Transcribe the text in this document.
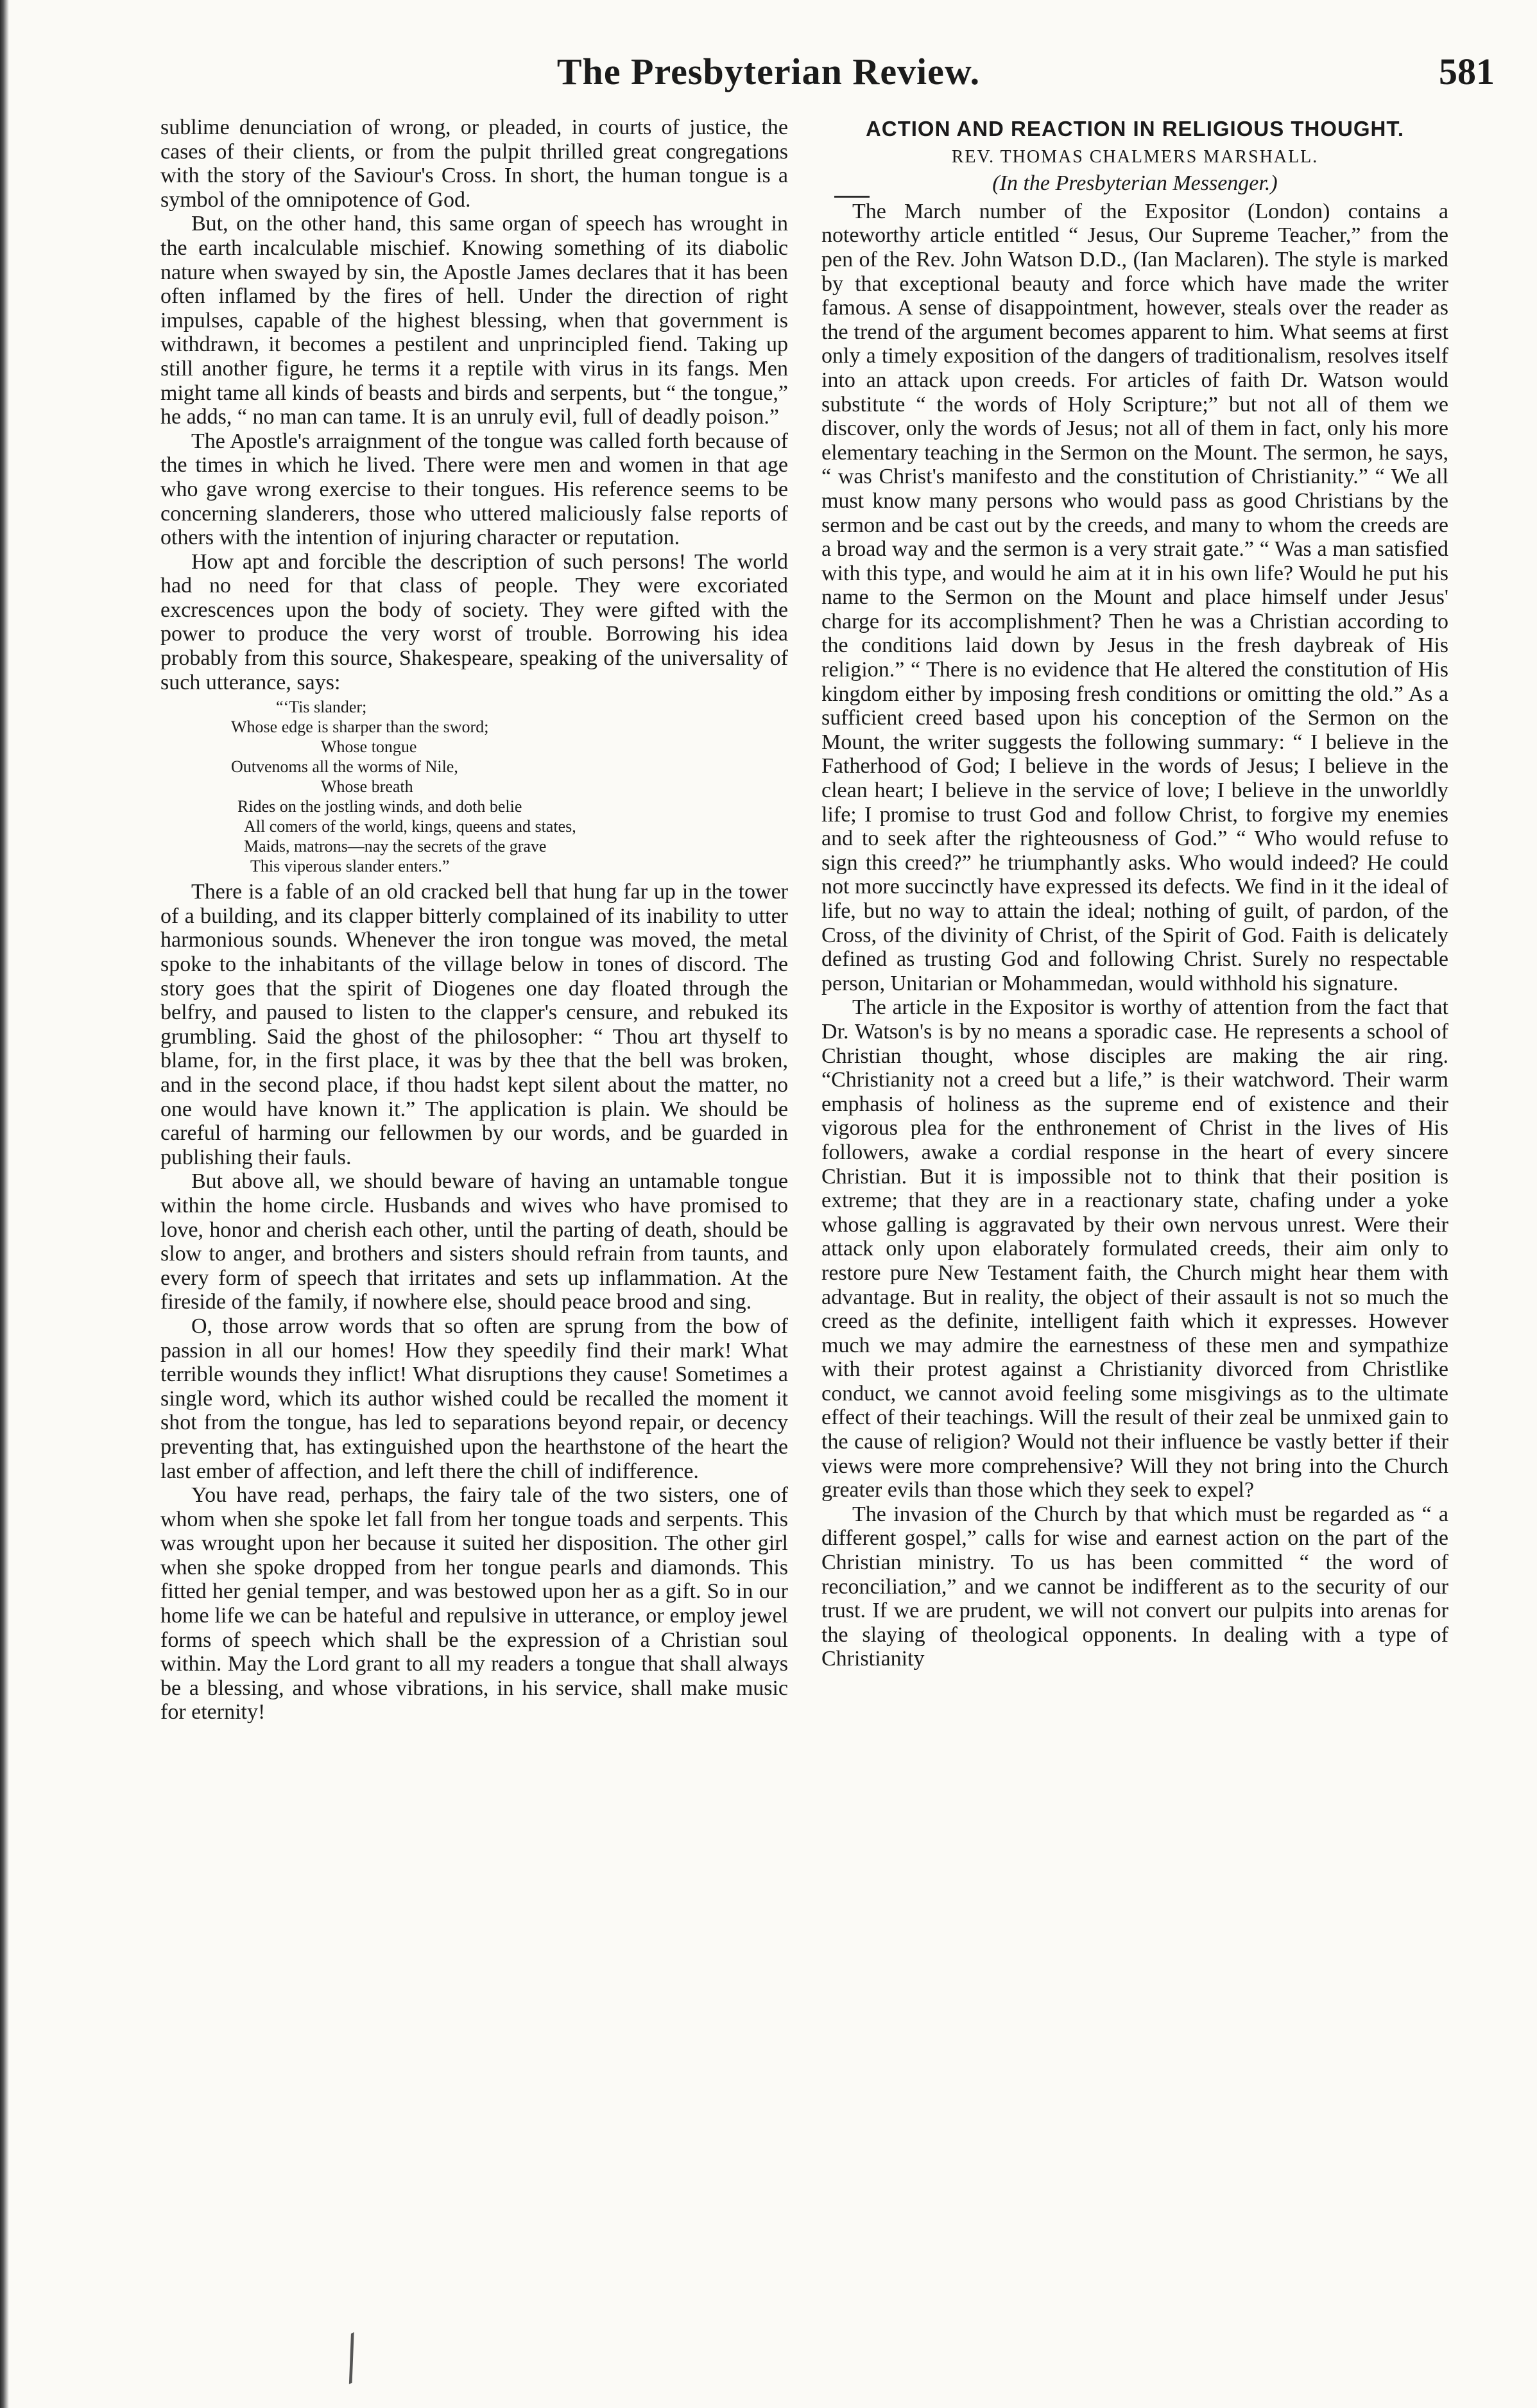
The Presbyterian Review.	581

sublime denunciation of wrong, or pleaded, in courts of justice, the cases of their clients, or from the pulpit thrilled great congregations with the story of the Saviour's Cross. In short, the human tongue is a symbol of the omnipotence of God.

But, on the other hand, this same organ of speech has wrought in the earth incalculable mischief. Knowing something of its diabolic nature when swayed by sin, the Apostle James declares that it has been often inflamed by the fires of hell. Under the direction of right impulses, capable of the highest blessing, when that government is withdrawn, it becomes a pestilent and unprincipled fiend. Taking up still another figure, he terms it a reptile with virus in its fangs. Men might tame all kinds of beasts and birds and serpents, but “ the tongue,” he adds, “ no man can tame. It is an unruly evil, full of deadly poison.”

The Apostle's arraignment of the tongue was called forth because of the times in which he lived. There were men and women in that age who gave wrong exercise to their tongues. His reference seems to be concerning slanderers, those who uttered maliciously false reports of others with the intention of injuring character or reputation.

How apt and forcible the description of such persons! The world had no need for that class of people. They were excoriated excrescences upon the body of society. They were gifted with the power to produce the very worst of trouble. Borrowing his idea probably from this source, Shakespeare, speaking of the universality of such utterance, says:

“‘Tis slander;
Whose edge is sharper than the sword;
Whose tongue
Outvenoms all the worms of Nile,
Whose breath
Rides on the jostling winds, and doth belie
All comers of the world, kings, queens and states,
Maids, matrons—nay the secrets of the grave
This viperous slander enters.”

There is a fable of an old cracked bell that hung far up in the tower of a building, and its clapper bitterly complained of its inability to utter harmonious sounds. Whenever the iron tongue was moved, the metal spoke to the inhabitants of the village below in tones of discord. The story goes that the spirit of Diogenes one day floated through the belfry, and paused to listen to the clapper's censure, and rebuked its grumbling. Said the ghost of the philosopher: “ Thou art thyself to blame, for, in the first place, it was by thee that the bell was broken, and in the second place, if thou hadst kept silent about the matter, no one would have known it.” The application is plain. We should be careful of harming our fellowmen by our words, and be guarded in publishing their fauls.

But above all, we should beware of having an untamable tongue within the home circle. Husbands and wives who have promised to love, honor and cherish each other, until the parting of death, should be slow to anger, and brothers and sisters should refrain from taunts, and every form of speech that irritates and sets up inflammation. At the fireside of the family, if nowhere else, should peace brood and sing.

O, those arrow words that so often are sprung from the bow of passion in all our homes! How they speedily find their mark! What terrible wounds they inflict! What disruptions they cause! Sometimes a single word, which its author wished could be recalled the moment it shot from the tongue, has led to separations beyond repair, or decency preventing that, has extinguished upon the hearthstone of the heart the last ember of affection, and left there the chill of indifference.

You have read, perhaps, the fairy tale of the two sisters, one of whom when she spoke let fall from her tongue toads and serpents. This was wrought upon her because it suited her disposition. The other girl when she spoke dropped from her tongue pearls and diamonds. This fitted her genial temper, and was bestowed upon her as a gift. So in our home life we can be hateful and repulsive in utterance, or employ jewel forms of speech which shall be the expression of a Christian soul within. May the Lord grant to all my readers a tongue that shall always be a blessing, and whose vibrations, in his service, shall make music for eternity!

ACTION AND REACTION IN RELIGIOUS THOUGHT.
REV. THOMAS CHALMERS MARSHALL.
(In the Presbyterian Messenger.)

The March number of the Expositor (London) contains a noteworthy article entitled “ Jesus, Our Supreme Teacher,” from the pen of the Rev. John Watson D.D., (Ian Maclaren). The style is marked by that exceptional beauty and force which have made the writer famous. A sense of disappointment, however, steals over the reader as the trend of the argument becomes apparent to him. What seems at first only a timely exposition of the dangers of traditionalism, resolves itself into an attack upon creeds. For articles of faith Dr. Watson would substitute “ the words of Holy Scripture;” but not all of them we discover, only the words of Jesus; not all of them in fact, only his more elementary teaching in the Sermon on the Mount. The sermon, he says, “ was Christ's manifesto and the constitution of Christianity.” “ We all must know many persons who would pass as good Christians by the sermon and be cast out by the creeds, and many to whom the creeds are a broad way and the sermon is a very strait gate.” “ Was a man satisfied with this type, and would he aim at it in his own life? Would he put his name to the Sermon on the Mount and place himself under Jesus' charge for its accomplishment? Then he was a Christian according to the conditions laid down by Jesus in the fresh daybreak of His religion.” “ There is no evidence that He altered the constitution of His kingdom either by imposing fresh conditions or omitting the old.” As a sufficient creed based upon his conception of the Sermon on the Mount, the writer suggests the following summary: “ I believe in the Fatherhood of God; I believe in the words of Jesus; I believe in the clean heart; I believe in the service of love; I believe in the unworldly life; I promise to trust God and follow Christ, to forgive my enemies and to seek after the righteousness of God.” “ Who would refuse to sign this creed?” he triumphantly asks. Who would indeed? He could not more succinctly have expressed its defects. We find in it the ideal of life, but no way to attain the ideal; nothing of guilt, of pardon, of the Cross, of the divinity of Christ, of the Spirit of God. Faith is delicately defined as trusting God and following Christ. Surely no respectable person, Unitarian or Mohammedan, would withhold his signature.

The article in the Expositor is worthy of attention from the fact that Dr. Watson's is by no means a sporadic case. He represents a school of Christian thought, whose disciples are making the air ring. “Christianity not a creed but a life,” is their watchword. Their warm emphasis of holiness as the supreme end of existence and their vigorous plea for the enthronement of Christ in the lives of His followers, awake a cordial response in the heart of every sincere Christian. But it is impossible not to think that their position is extreme; that they are in a reactionary state, chafing under a yoke whose galling is aggravated by their own nervous unrest. Were their attack only upon elaborately formulated creeds, their aim only to restore pure New Testament faith, the Church might hear them with advantage. But in reality, the object of their assault is not so much the creed as the definite, intelligent faith which it expresses. However much we may admire the earnestness of these men and sympathize with their protest against a Christianity divorced from Christlike conduct, we cannot avoid feeling some misgivings as to the ultimate effect of their teachings. Will the result of their zeal be unmixed gain to the cause of religion? Would not their influence be vastly better if their views were more comprehensive? Will they not bring into the Church greater evils than those which they seek to expel?

The invasion of the Church by that which must be regarded as “ a different gospel,” calls for wise and earnest action on the part of the Christian ministry. To us has been committed “ the word of reconciliation,” and we cannot be indifferent as to the security of our trust. If we are prudent, we will not convert our pulpits into arenas for the slaying of theological opponents. In dealing with a type of Christianity

╱
